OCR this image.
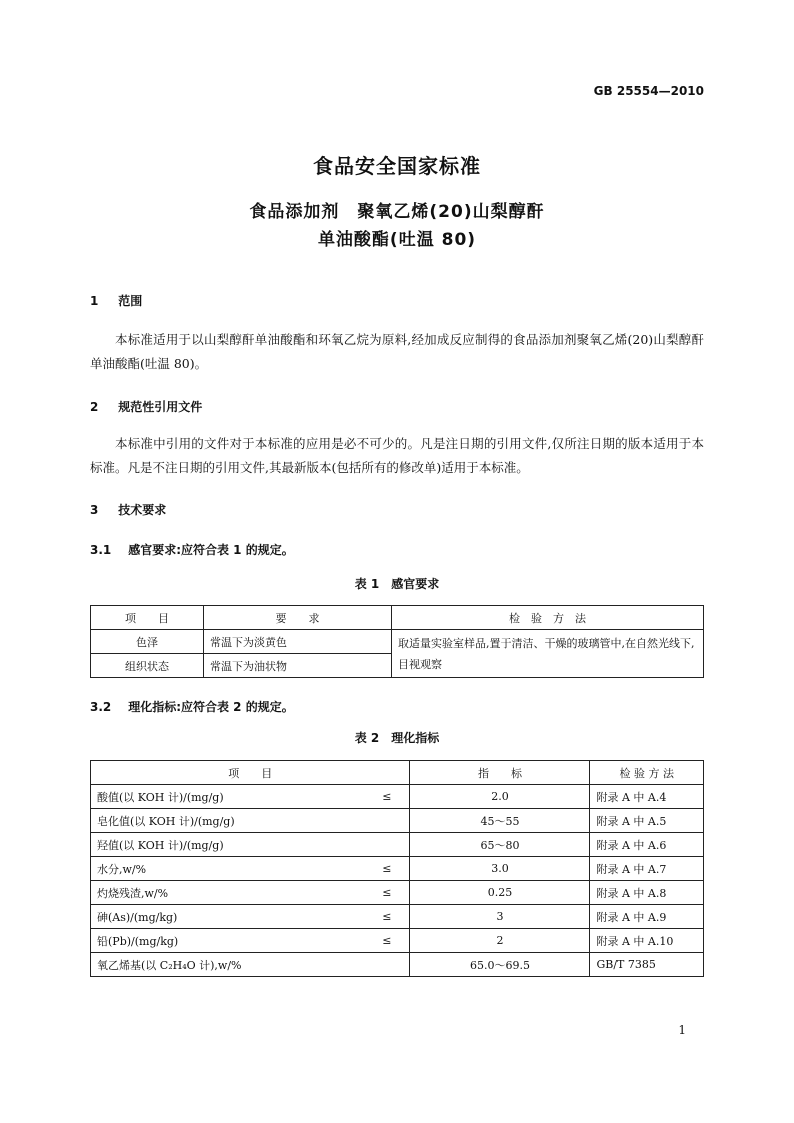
GB 25554—2010
食品安全国家标准
食品添加剂　聚氧乙烯(20)山梨醇酐
单油酸酯(吐温 80)
1 范围
本标准适用于以山梨醇酐单油酸酯和环氧乙烷为原料,经加成反应制得的食品添加剂聚氧乙烯(20)山梨醇酐单油酸酯(吐温 80)。
2 规范性引用文件
本标准中引用的文件对于本标准的应用是必不可少的。凡是注日期的引用文件,仅所注日期的版本适用于本标准。凡是不注日期的引用文件,其最新版本(包括所有的修改单)适用于本标准。
3 技术要求
3.1 感官要求:应符合表 1 的规定。
表 1　感官要求
项　　目	要　　求	检　验　方　法
色泽	常温下为淡黄色	取适量实验室样品,置于清洁、干燥的玻璃管中,在自然光线下,目视观察
组织状态	常温下为油状物	
3.2 理化指标:应符合表 2 的规定。
表 2　理化指标
项　　目		指　　标	检 验 方 法
酸值(以 KOH 计)/(mg/g)	≤	2.0	附录 A 中 A.4
皂化值(以 KOH 计)/(mg/g)		45～55	附录 A 中 A.5
羟值(以 KOH 计)/(mg/g)		65～80	附录 A 中 A.6
水分,w/%	≤	3.0	附录 A 中 A.7
灼烧残渣,w/%	≤	0.25	附录 A 中 A.8
砷(As)/(mg/kg)	≤	3	附录 A 中 A.9
铅(Pb)/(mg/kg)	≤	2	附录 A 中 A.10
氧乙烯基(以 C₂H₄O 计),w/%		65.0～69.5	GB/T 7385
1
